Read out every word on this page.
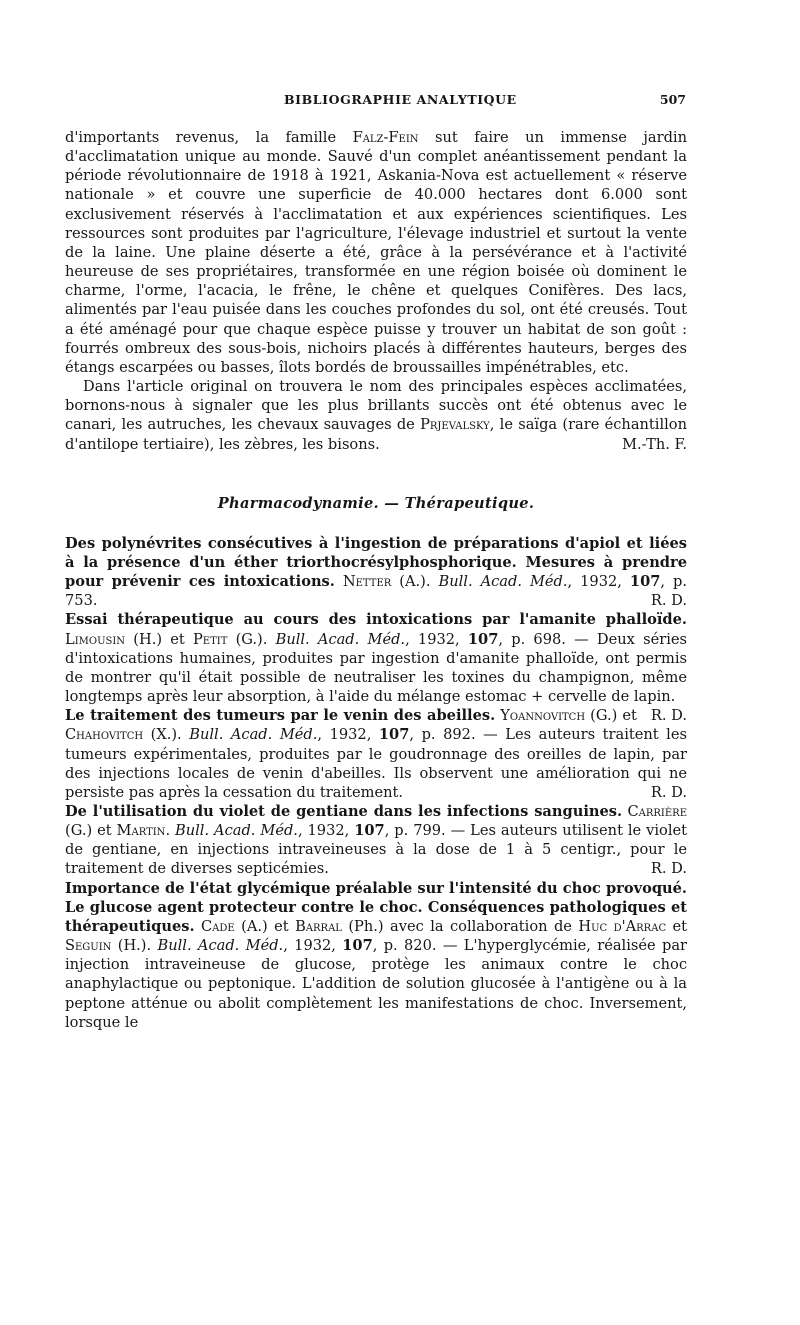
BIBLIOGRAPHIE ANALYTIQUE	507

d'importants revenus, la famille Falz-Fein sut faire un immense jardin d'acclimatation unique au monde. Sauvé d'un complet anéantissement pendant la période révolutionnaire de 1918 à 1921, Askania-Nova est actuellement « réserve nationale » et couvre une superficie de 40.000 hectares dont 6.000 sont exclusivement réservés à l'acclimatation et aux expériences scientifiques. Les ressources sont produites par l'agriculture, l'élevage industriel et surtout la vente de la laine. Une plaine déserte a été, grâce à la persévérance et à l'activité heureuse de ses propriétaires, transformée en une région boisée où dominent le charme, l'orme, l'acacia, le frêne, le chêne et quelques Conifères. Des lacs, alimentés par l'eau puisée dans les couches profondes du sol, ont été creusés. Tout a été aménagé pour que chaque espèce puisse y trouver un habitat de son goût : fourrés ombreux des sous-bois, nichoirs placés à différentes hauteurs, berges des étangs escarpées ou basses, îlots bordés de broussailles impénétrables, etc.

Dans l'article original on trouvera le nom des principales espèces acclimatées, bornons-nous à signaler que les plus brillants succès ont été obtenus avec le canari, les autruches, les chevaux sauvages de Prjevalsky, le saïga (rare échantillon d'antilope tertiaire), les zèbres, les bisons.	M.-Th. F.

Pharmacodynamie. — Thérapeutique.

Des polynévrites consécutives à l'ingestion de préparations d'apiol et liées à la présence d'un éther triorthocrésylphosphorique. Mesures à prendre pour prévenir ces intoxications. Netter (A.). Bull. Acad. Méd., 1932, 107, p. 753.	R. D.

Essai thérapeutique au cours des intoxications par l'amanite phalloïde. Limousin (H.) et Petit (G.). Bull. Acad. Méd., 1932, 107, p. 698. — Deux séries d'intoxications humaines, produites par ingestion d'amanite phalloïde, ont permis de montrer qu'il était possible de neutraliser les toxines du champignon, même longtemps après leur absorption, à l'aide du mélange estomac + cervelle de lapin.
R. D.

Le traitement des tumeurs par le venin des abeilles. Yoannovitch (G.) et Chahovitch (X.). Bull. Acad. Méd., 1932, 107, p. 892. — Les auteurs traitent les tumeurs expérimentales, produites par le goudronnage des oreilles de lapin, par des injections locales de venin d'abeilles. Ils observent une amélioration qui ne persiste pas après la cessation du traitement.	R. D.

De l'utilisation du violet de gentiane dans les infections sanguines. Carrière (G.) et Martin. Bull. Acad. Méd., 1932, 107, p. 799. — Les auteurs utilisent le violet de gentiane, en injections intraveineuses à la dose de 1 à 5 centigr., pour le traitement de diverses septicémies.	R. D.

Importance de l'état glycémique préalable sur l'intensité du choc provoqué. Le glucose agent protecteur contre le choc. Conséquences pathologiques et thérapeutiques. Cade (A.) et Barral (Ph.) avec la collaboration de Huc d'Arrac et Seguin (H.). Bull. Acad. Méd., 1932, 107, p. 820. — L'hyperglycémie, réalisée par injection intraveineuse de glucose, protège les animaux contre le choc anaphylactique ou peptonique. L'addition de solution glucosée à l'antigène ou à la peptone atténue ou abolit complètement les manifestations de choc. Inversement, lorsque le
